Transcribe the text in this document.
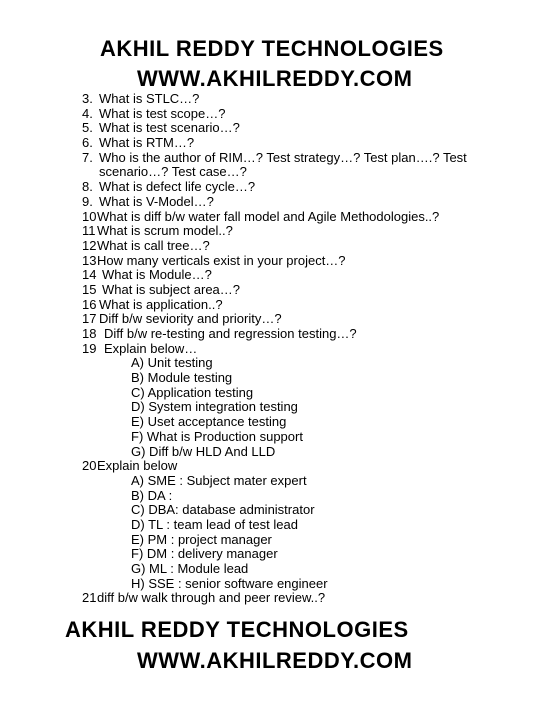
AKHIL REDDY TECHNOLOGIES
WWW.AKHILREDDY.COM
3. What is STLC…?
4. What is test scope…?
5. What is test scenario…?
6. What is RTM…?
7. Who is the author of RIM…? Test strategy…? Test plan….? Test
scenario…? Test case…?
8. What is defect life cycle…?
9. What is V-Model…?
10 What is diff b/w water fall model and Agile Methodologies..?
11 What is scrum model..?
12 What is call tree…?
13 How many verticals exist in your project…?
14 What is Module…?
15 What is subject area…?
16 What is application..?
17 Diff b/w seviority and priority…?
18 Diff b/w re-testing and regression testing…?
19 Explain below…
A) Unit testing
B) Module testing
C) Application testing
D) System integration testing
E) Uset acceptance testing
F) What is Production support
G) Diff b/w HLD And LLD
20 Explain below
A) SME : Subject mater expert
B) DA :
C) DBA: database administrator
D) TL : team lead of test lead
E) PM : project manager
F) DM : delivery manager
G) ML : Module lead
H) SSE : senior software engineer
21 diff b/w walk through and peer review..?
AKHIL REDDY TECHNOLOGIES
WWW.AKHILREDDY.COM
